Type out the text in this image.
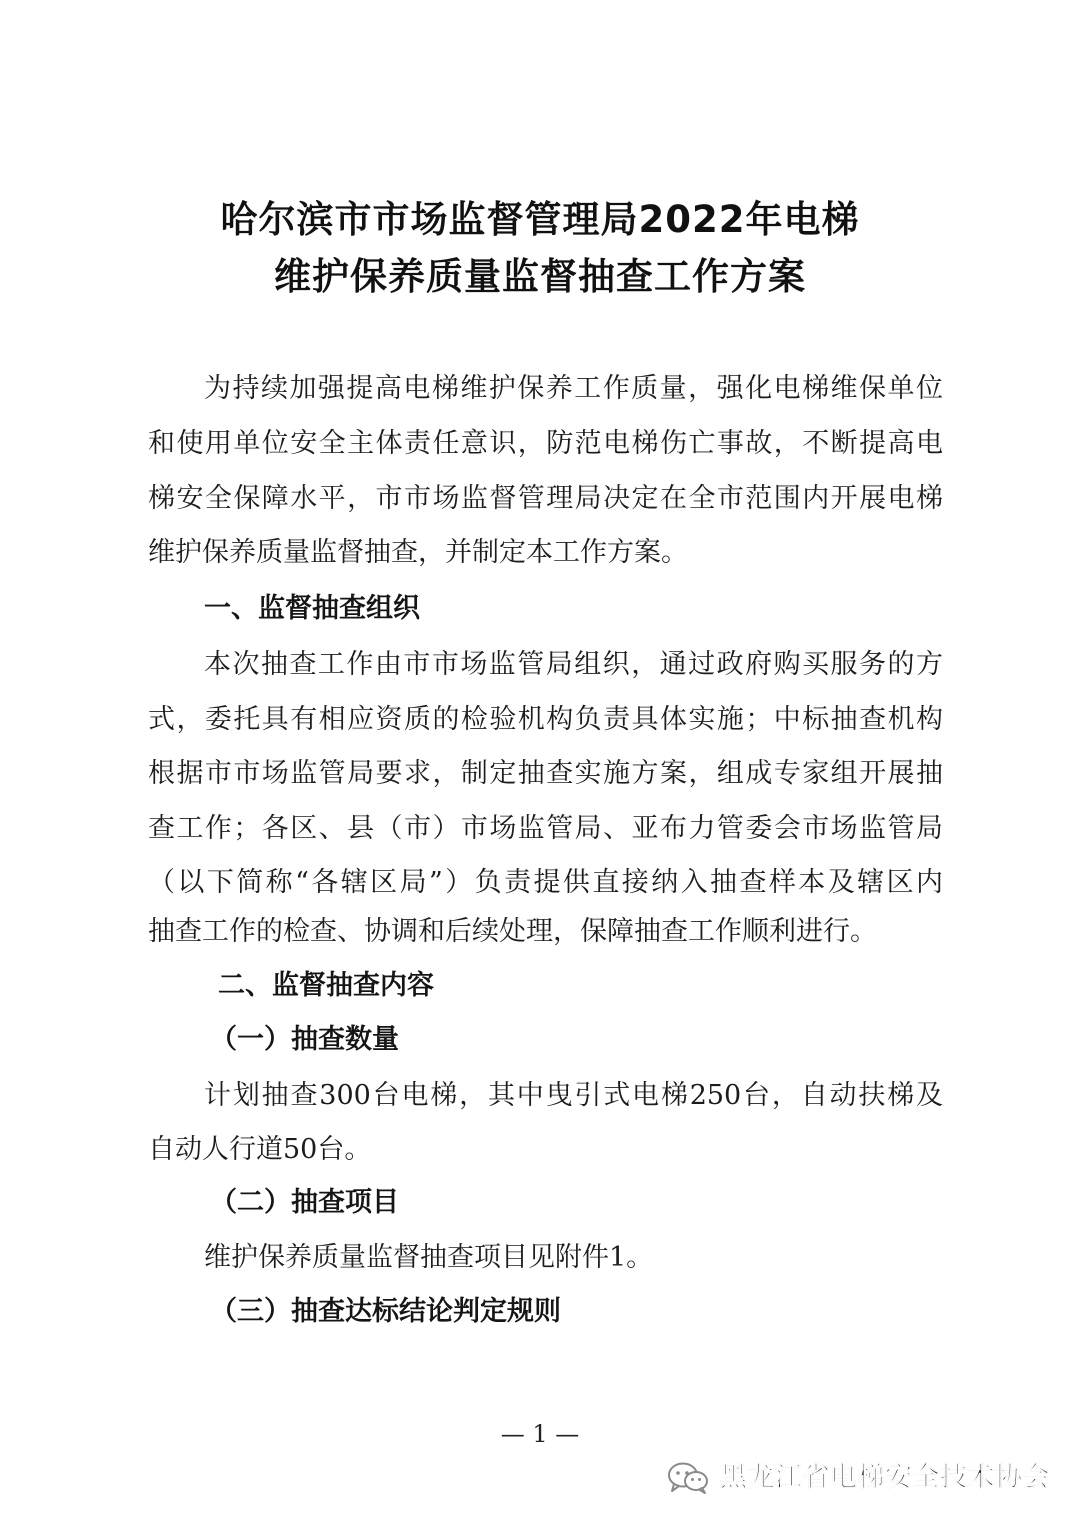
哈尔滨市市场监督管理局2022年电梯
维护保养质量监督抽查工作方案
为持续加强提高电梯维护保养工作质量，强化电梯维保单位
和使用单位安全主体责任意识，防范电梯伤亡事故，不断提高电
梯安全保障水平，市市场监督管理局决定在全市范围内开展电梯
维护保养质量监督抽查，并制定本工作方案。
一、监督抽查组织
本次抽查工作由市市场监管局组织，通过政府购买服务的方
式，委托具有相应资质的检验机构负责具体实施；中标抽查机构
根据市市场监管局要求，制定抽查实施方案，组成专家组开展抽
查工作；各区、县（市）市场监管局、亚布力管委会市场监管局
（以下简称“各辖区局”）负责提供直接纳入抽查样本及辖区内
抽查工作的检查、协调和后续处理，保障抽查工作顺利进行。
二、监督抽查内容
（一）抽查数量
计划抽查300台电梯，其中曳引式电梯250台，自动扶梯及
自动人行道50台。
（二）抽查项目
维护保养质量监督抽查项目见附件1。
（三）抽查达标结论判定规则
— 1 —
黑龙江省电梯安全技术协会
